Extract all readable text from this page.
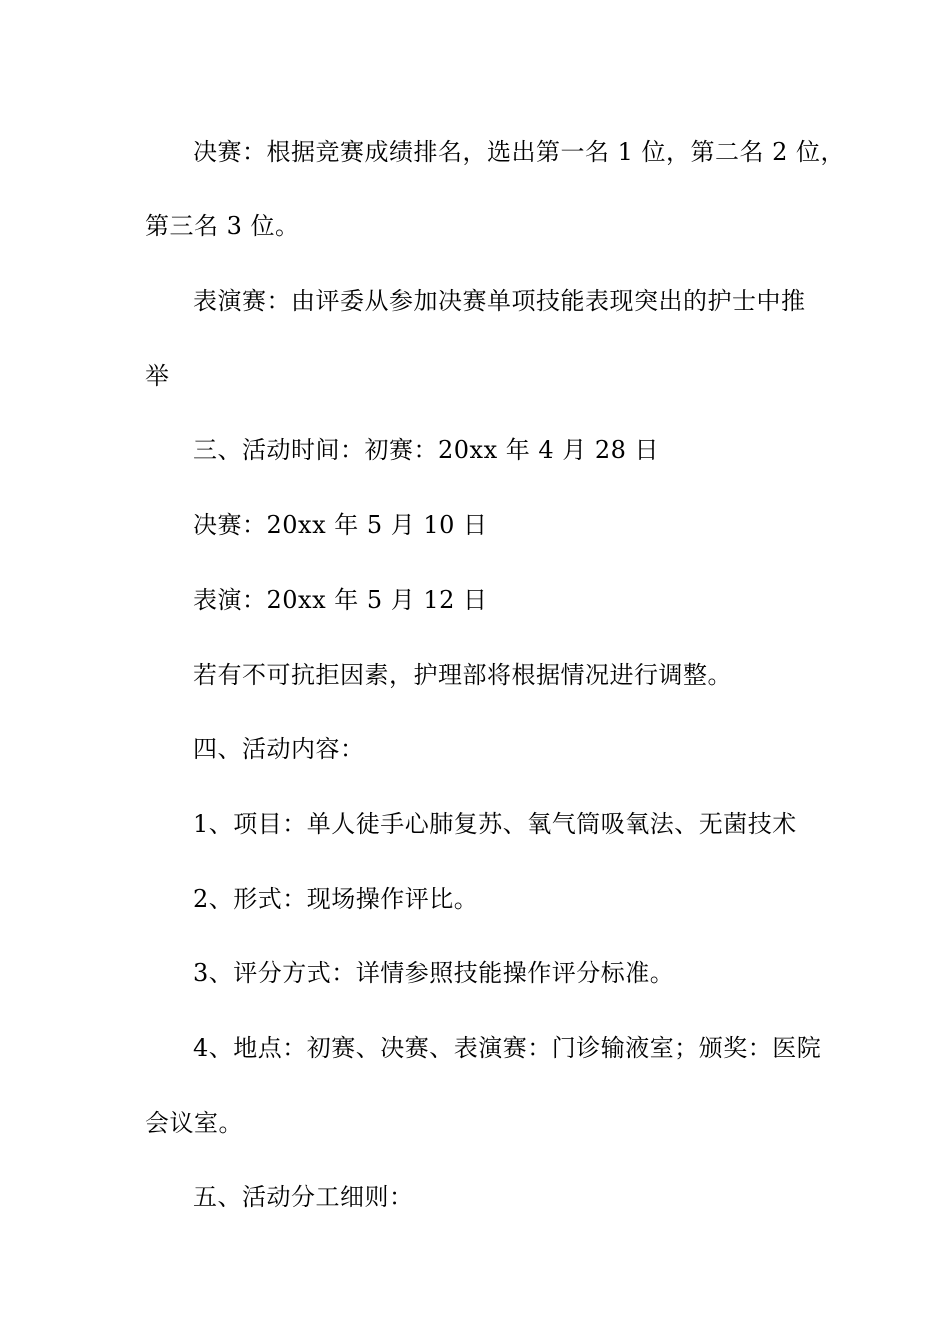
决赛：根据竞赛成绩排名，选出第一名 1 位，第二名 2 位，
第三名 3 位。
表演赛：由评委从参加决赛单项技能表现突出的护士中推
举
三、活动时间：初赛：20xx 年 4 月 28 日
决赛：20xx 年 5 月 10 日
表演：20xx 年 5 月 12 日
若有不可抗拒因素，护理部将根据情况进行调整。
四、活动内容：
1、项目：单人徒手心肺复苏、氧气筒吸氧法、无菌技术
2、形式：现场操作评比。
3、评分方式：详情参照技能操作评分标准。
4、地点：初赛、决赛、表演赛：门诊输液室；颁奖：医院
会议室。
五、活动分工细则：
